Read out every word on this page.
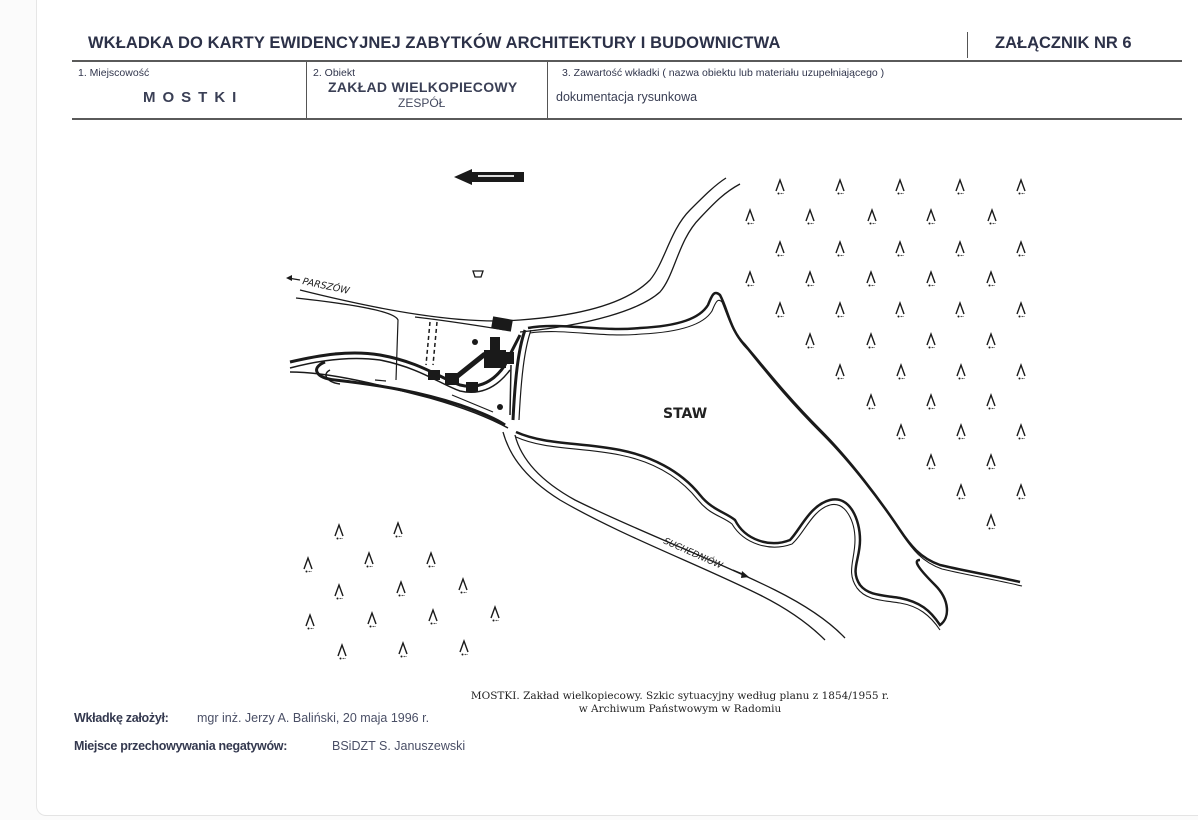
WKŁADKA DO KARTY EWIDENCYJNEJ ZABYTKÓW ARCHITEKTURY I BUDOWNICTWA	ZAŁĄCZNIK NR 6
1. Miejscowość
MOSTKI
2. Obiekt
ZAKŁAD WIELKOPIECOWY
ZESPÓŁ
3. Zawartość wkładki ( nazwa obiektu lub materiału uzupełniającego )
dokumentacja rysunkowa
PARSZÓW
STAW
SUCHEDNIÓW
MOSTKI. Zakład wielkopiecowy. Szkic sytuacyjny według planu z 1854/1955 r.
w Archiwum Państwowym w Radomiu
Wkładkę założył: mgr inż. Jerzy A. Baliński, 20 maja 1996 r.
Miejsce przechowywania negatywów:	BSiDZT S. Januszewski
